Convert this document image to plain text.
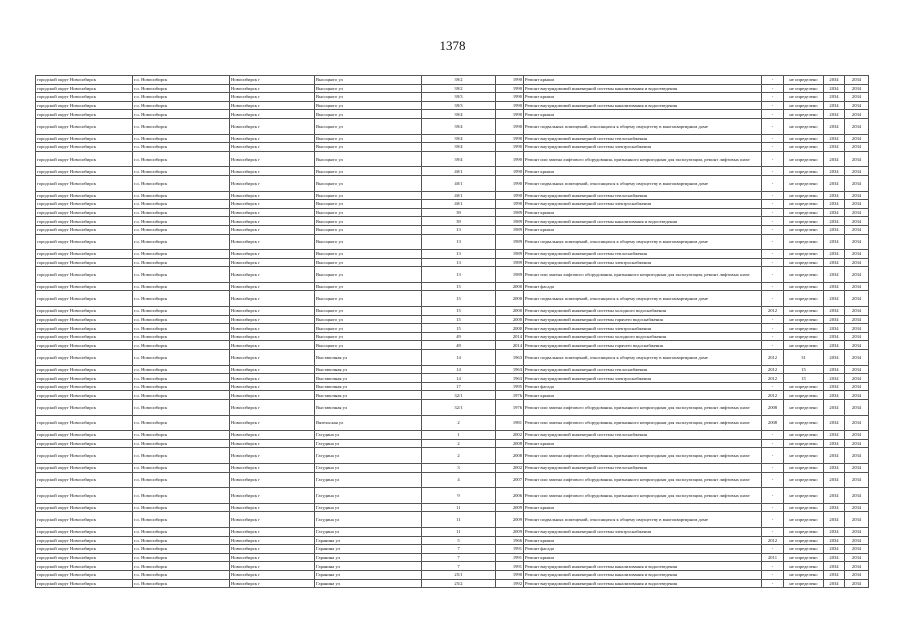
1378
городской округ Новосибирск	г.о. Новосибирск	Новосибирск г	Высоцкого ул	39/2	1990	Ремонт крыши	-	не определено	2034	2034
городской округ Новосибирск	г.о. Новосибирск	Новосибирск г	Высоцкого ул	39/2	1990	Ремонт внутридомовой инженерной системы канализования и водоотведения	-	не определено	2034	2034
городской округ Новосибирск	г.о. Новосибирск	Новосибирск г	Высоцкого ул	39/3	1990	Ремонт крыши	-	не определено	2034	2034
городской округ Новосибирск	г.о. Новосибирск	Новосибирск г	Высоцкого ул	39/3	1990	Ремонт внутридомовой инженерной системы канализования и водоотведения	-	не определено	2034	2034
городской округ Новосибирск	г.о. Новосибирск	Новосибирск г	Высоцкого ул	39/4	1990	Ремонт крыши	-	не определено	2034	2034
городской округ Новосибирск	г.о. Новосибирск	Новосибирск г	Высоцкого ул	39/4	1990	Ремонт подвальных помещений, относящихся к общему имуществу в многоквартирном доме	-	не определено	2034	2034
городской округ Новосибирск	г.о. Новосибирск	Новосибирск г	Высоцкого ул	39/4	1990	Ремонт внутридомовой инженерной системы теплоснабжения	-	не определено	2034	2034
городской округ Новосибирск	г.о. Новосибирск	Новосибирск г	Высоцкого ул	39/4	1990	Ремонт внутридомовой инженерной системы электроснабжения	-	не определено	2034	2034
городской округ Новосибирск	г.о. Новосибирск	Новосибирск г	Высоцкого ул	39/4	1990	Ремонт или замена лифтового оборудования, признанного непригодным для эксплуатации, ремонт лифтовых шахт	-	не определено	2034	2034
городской округ Новосибирск	г.о. Новосибирск	Новосибирск г	Высоцкого ул	40/1	1990	Ремонт крыши	-	не определено	2034	2034
городской округ Новосибирск	г.о. Новосибирск	Новосибирск г	Высоцкого ул	40/1	1990	Ремонт подвальных помещений, относящихся к общему имуществу в многоквартирном доме	-	не определено	2034	2034
городской округ Новосибирск	г.о. Новосибирск	Новосибирск г	Высоцкого ул	40/1	1990	Ремонт внутридомовой инженерной системы теплоснабжения	-	не определено	2034	2034
городской округ Новосибирск	г.о. Новосибирск	Новосибирск г	Высоцкого ул	40/1	1990	Ремонт внутридомовой инженерной системы электроснабжения	-	не определено	2034	2034
городской округ Новосибирск	г.о. Новосибирск	Новосибирск г	Высоцкого ул	39	1989	Ремонт крыши	-	не определено	2034	2034
городской округ Новосибирск	г.о. Новосибирск	Новосибирск г	Высоцкого ул	39	1989	Ремонт внутридомовой инженерной системы канализования и водоотведения	-	не определено	2034	2034
городской округ Новосибирск	г.о. Новосибирск	Новосибирск г	Высоцкого ул	13	1989	Ремонт крыши	-	не определено	2034	2034
городской округ Новосибирск	г.о. Новосибирск	Новосибирск г	Высоцкого ул	13	1989	Ремонт подвальных помещений, относящихся к общему имуществу в многоквартирном доме	-	не определено	2034	2034
городской округ Новосибирск	г.о. Новосибирск	Новосибирск г	Высоцкого ул	13	1989	Ремонт внутридомовой инженерной системы теплоснабжения	-	не определено	2034	2034
городской округ Новосибирск	г.о. Новосибирск	Новосибирск г	Высоцкого ул	13	1989	Ремонт внутридомовой инженерной системы электроснабжения	-	не определено	2034	2034
городской округ Новосибирск	г.о. Новосибирск	Новосибирск г	Высоцкого ул	13	1989	Ремонт или замена лифтового оборудования, признанного непригодным для эксплуатации, ремонт лифтовых шахт	-	не определено	2034	2034
городской округ Новосибирск	г.о. Новосибирск	Новосибирск г	Высоцкого ул	15	2000	Ремонт фасада	-	не определено	2034	2034
городской округ Новосибирск	г.о. Новосибирск	Новосибирск г	Высоцкого ул	15	2000	Ремонт подвальных помещений, относящихся к общему имуществу в многоквартирном доме	-	не определено	2034	2034
городской округ Новосибирск	г.о. Новосибирск	Новосибирск г	Высоцкого ул	15	2000	Ремонт внутридомовой инженерной системы холодного водоснабжения	2012	не определено	2034	2034
городской округ Новосибирск	г.о. Новосибирск	Новосибирск г	Высоцкого ул	15	2000	Ремонт внутридомовой инженерной системы горячего водоснабжения	-	не определено	2034	2034
городской округ Новосибирск	г.о. Новосибирск	Новосибирск г	Высоцкого ул	15	2000	Ремонт внутридомовой инженерной системы электроснабжения	-	не определено	2034	2034
городской округ Новосибирск	г.о. Новосибирск	Новосибирск г	Высоцкого ул	49	2014	Ремонт внутридомовой инженерной системы холодного водоснабжения	-	не определено	2034	2034
городской округ Новосибирск	г.о. Новосибирск	Новосибирск г	Высоцкого ул	49	2014	Ремонт внутридомовой инженерной системы горячего водоснабжения	-	не определено	2034	2034
городской округ Новосибирск	г.о. Новосибирск	Новосибирск г	Выставочная ул	14	1963	Ремонт подвальных помещений, относящихся к общему имуществу в многоквартирном доме	2012	31	2034	2034
городской округ Новосибирск	г.о. Новосибирск	Новосибирск г	Выставочная ул	14	1963	Ремонт внутридомовой инженерной системы теплоснабжения	2012	15	2034	2034
городской округ Новосибирск	г.о. Новосибирск	Новосибирск г	Выставочная ул	14	1963	Ремонт внутридомовой инженерной системы электроснабжения	2012	15	2034	2034
городской округ Новосибирск	г.о. Новосибирск	Новосибирск г	Выставочная ул	17	1995	Ремонт фасада	-	не определено	2034	2034
городской округ Новосибирск	г.о. Новосибирск	Новосибирск г	Выставочная ул	32/1	1976	Ремонт крыши	2012	не определено	2034	2034
городской округ Новосибирск	г.о. Новосибирск	Новосибирск г	Выставочная ул	32/1	1976	Ремонт или замена лифтового оборудования, признанного непригодным для эксплуатации, ремонт лифтовых шахт	2008	не определено	2034	2034
городской округ Новосибирск	г.о. Новосибирск	Новосибирск г	Вязельская ул	2	1981	Ремонт или замена лифтового оборудования, признанного непригодным для эксплуатации, ремонт лифтовых шахт	2008	не определено	2034	2034
городской округ Новосибирск	г.о. Новосибирск	Новосибирск г	Гагудина ул	1	2002	Ремонт внутридомовой инженерной системы теплоснабжения	-	не определено	2034	2034
городской округ Новосибирск	г.о. Новосибирск	Новосибирск г	Гагудина ул	2	2008	Ремонт крыши	-	не определено	2034	2034
городской округ Новосибирск	г.о. Новосибирск	Новосибирск г	Гагудина ул	2	2008	Ремонт или замена лифтового оборудования, признанного непригодным для эксплуатации, ремонт лифтовых шахт	-	не определено	2034	2034
городской округ Новосибирск	г.о. Новосибирск	Новосибирск г	Гагудина ул	3	2002	Ремонт внутридомовой инженерной системы теплоснабжения	-	не определено	2034	2034
городской округ Новосибирск	г.о. Новосибирск	Новосибирск г	Гагудина ул	4	2007	Ремонт или замена лифтового оборудования, признанного непригодным для эксплуатации, ремонт лифтовых шахт	-	не определено	2034	2034
городской округ Новосибирск	г.о. Новосибирск	Новосибирск г	Гагудина ул	9	2006	Ремонт или замена лифтового оборудования, признанного непригодным для эксплуатации, ремонт лифтовых шахт	-	не определено	2034	2034
городской округ Новосибирск	г.о. Новосибирск	Новосибирск г	Гагудина ул	11	2009	Ремонт крыши	-	не определено	2034	2034
городской округ Новосибирск	г.о. Новосибирск	Новосибирск г	Гагудина ул	11	2009	Ремонт подвальных помещений, относящихся к общему имуществу в многоквартирном доме	-	не определено	2034	2034
городской округ Новосибирск	г.о. Новосибирск	Новосибирск г	Гагудина ул	11	2009	Ремонт внутридомовой инженерной системы электроснабжения	-	не определено	2034	2034
городской округ Новосибирск	г.о. Новосибирск	Новосибирск г	Гаранина ул	5	1966	Ремонт крыши	2012	не определено	2034	2034
городской округ Новосибирск	г.о. Новосибирск	Новосибирск г	Гаранина ул	7	1991	Ремонт фасада	-	не определено	2034	2034
городской округ Новосибирск	г.о. Новосибирск	Новосибирск г	Гаранина ул	7	1991	Ремонт крыши	2011	не определено	2034	2034
городской округ Новосибирск	г.о. Новосибирск	Новосибирск г	Гаранина ул	7	1991	Ремонт внутридомовой инженерной системы канализования и водоотведения	-	не определено	2034	2034
городской округ Новосибирск	г.о. Новосибирск	Новосибирск г	Гаранина ул	25/1	1990	Ремонт внутридомовой инженерной системы канализования и водоотведения	-	не определено	2034	2034
городской округ Новосибирск	г.о. Новосибирск	Новосибирск г	Гаранина ул	25/2	1992	Ремонт внутридомовой инженерной системы канализования и водоотведения	-	не определено	2034	2034
